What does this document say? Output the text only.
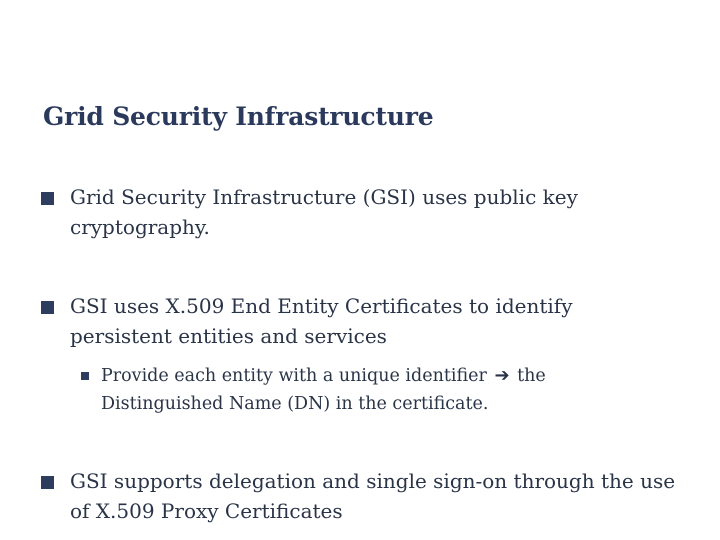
Grid Security Infrastructure
Grid Security Infrastructure (GSI) uses public key cryptography.
GSI uses X.509 End Entity Certificates to identify persistent entities and services
Provide each entity with a unique identifier ➔ the Distinguished Name (DN) in the certificate.
GSI supports delegation and single sign-on through the use of X.509 Proxy Certificates
